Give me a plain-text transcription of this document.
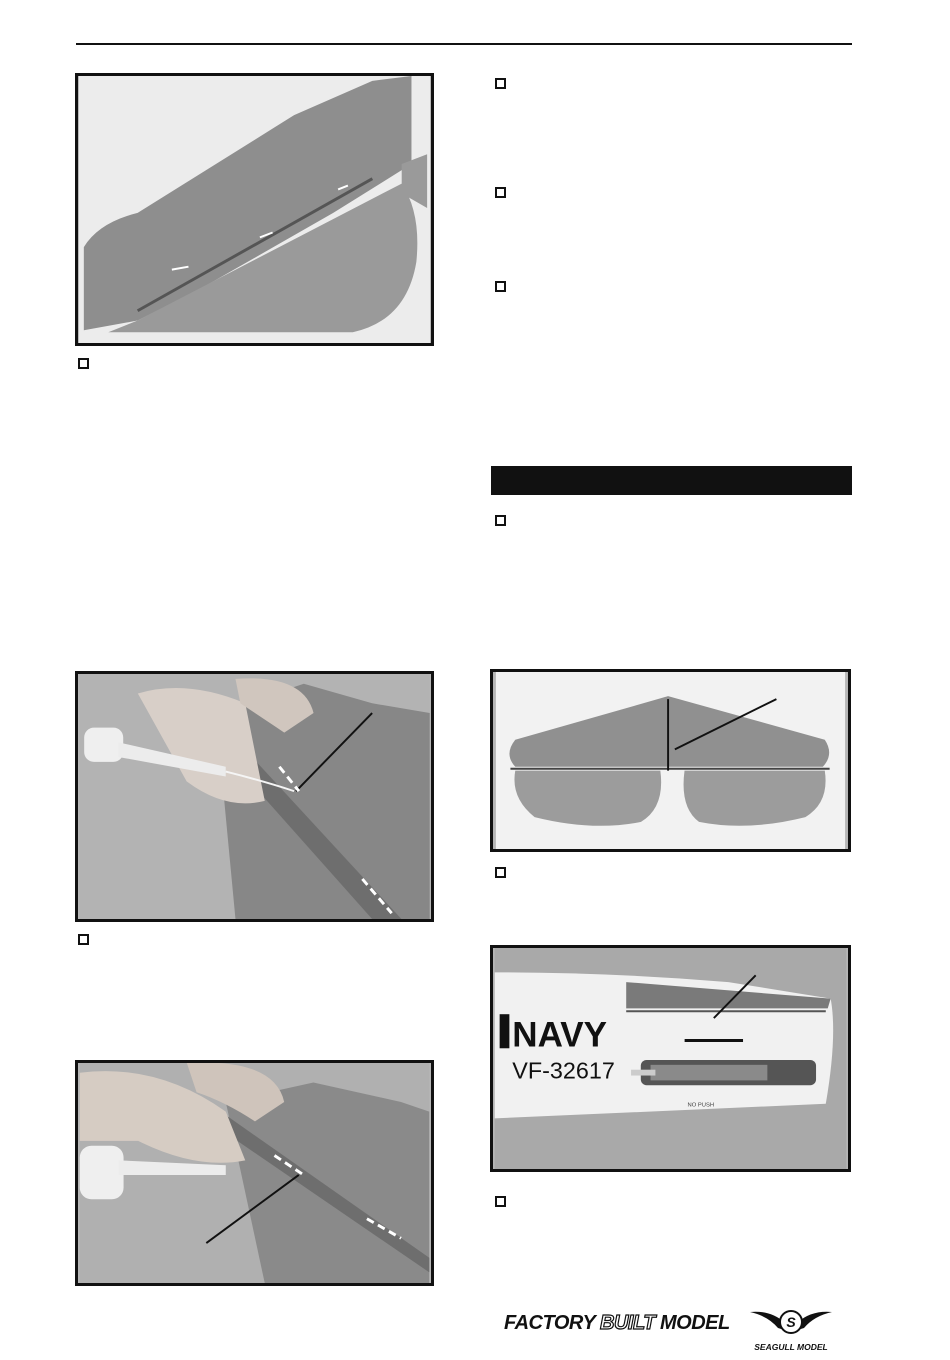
NAVY
VF-32617
NO PUSH
FACTORY BUILT MODEL	S
SEAGULL MODEL
